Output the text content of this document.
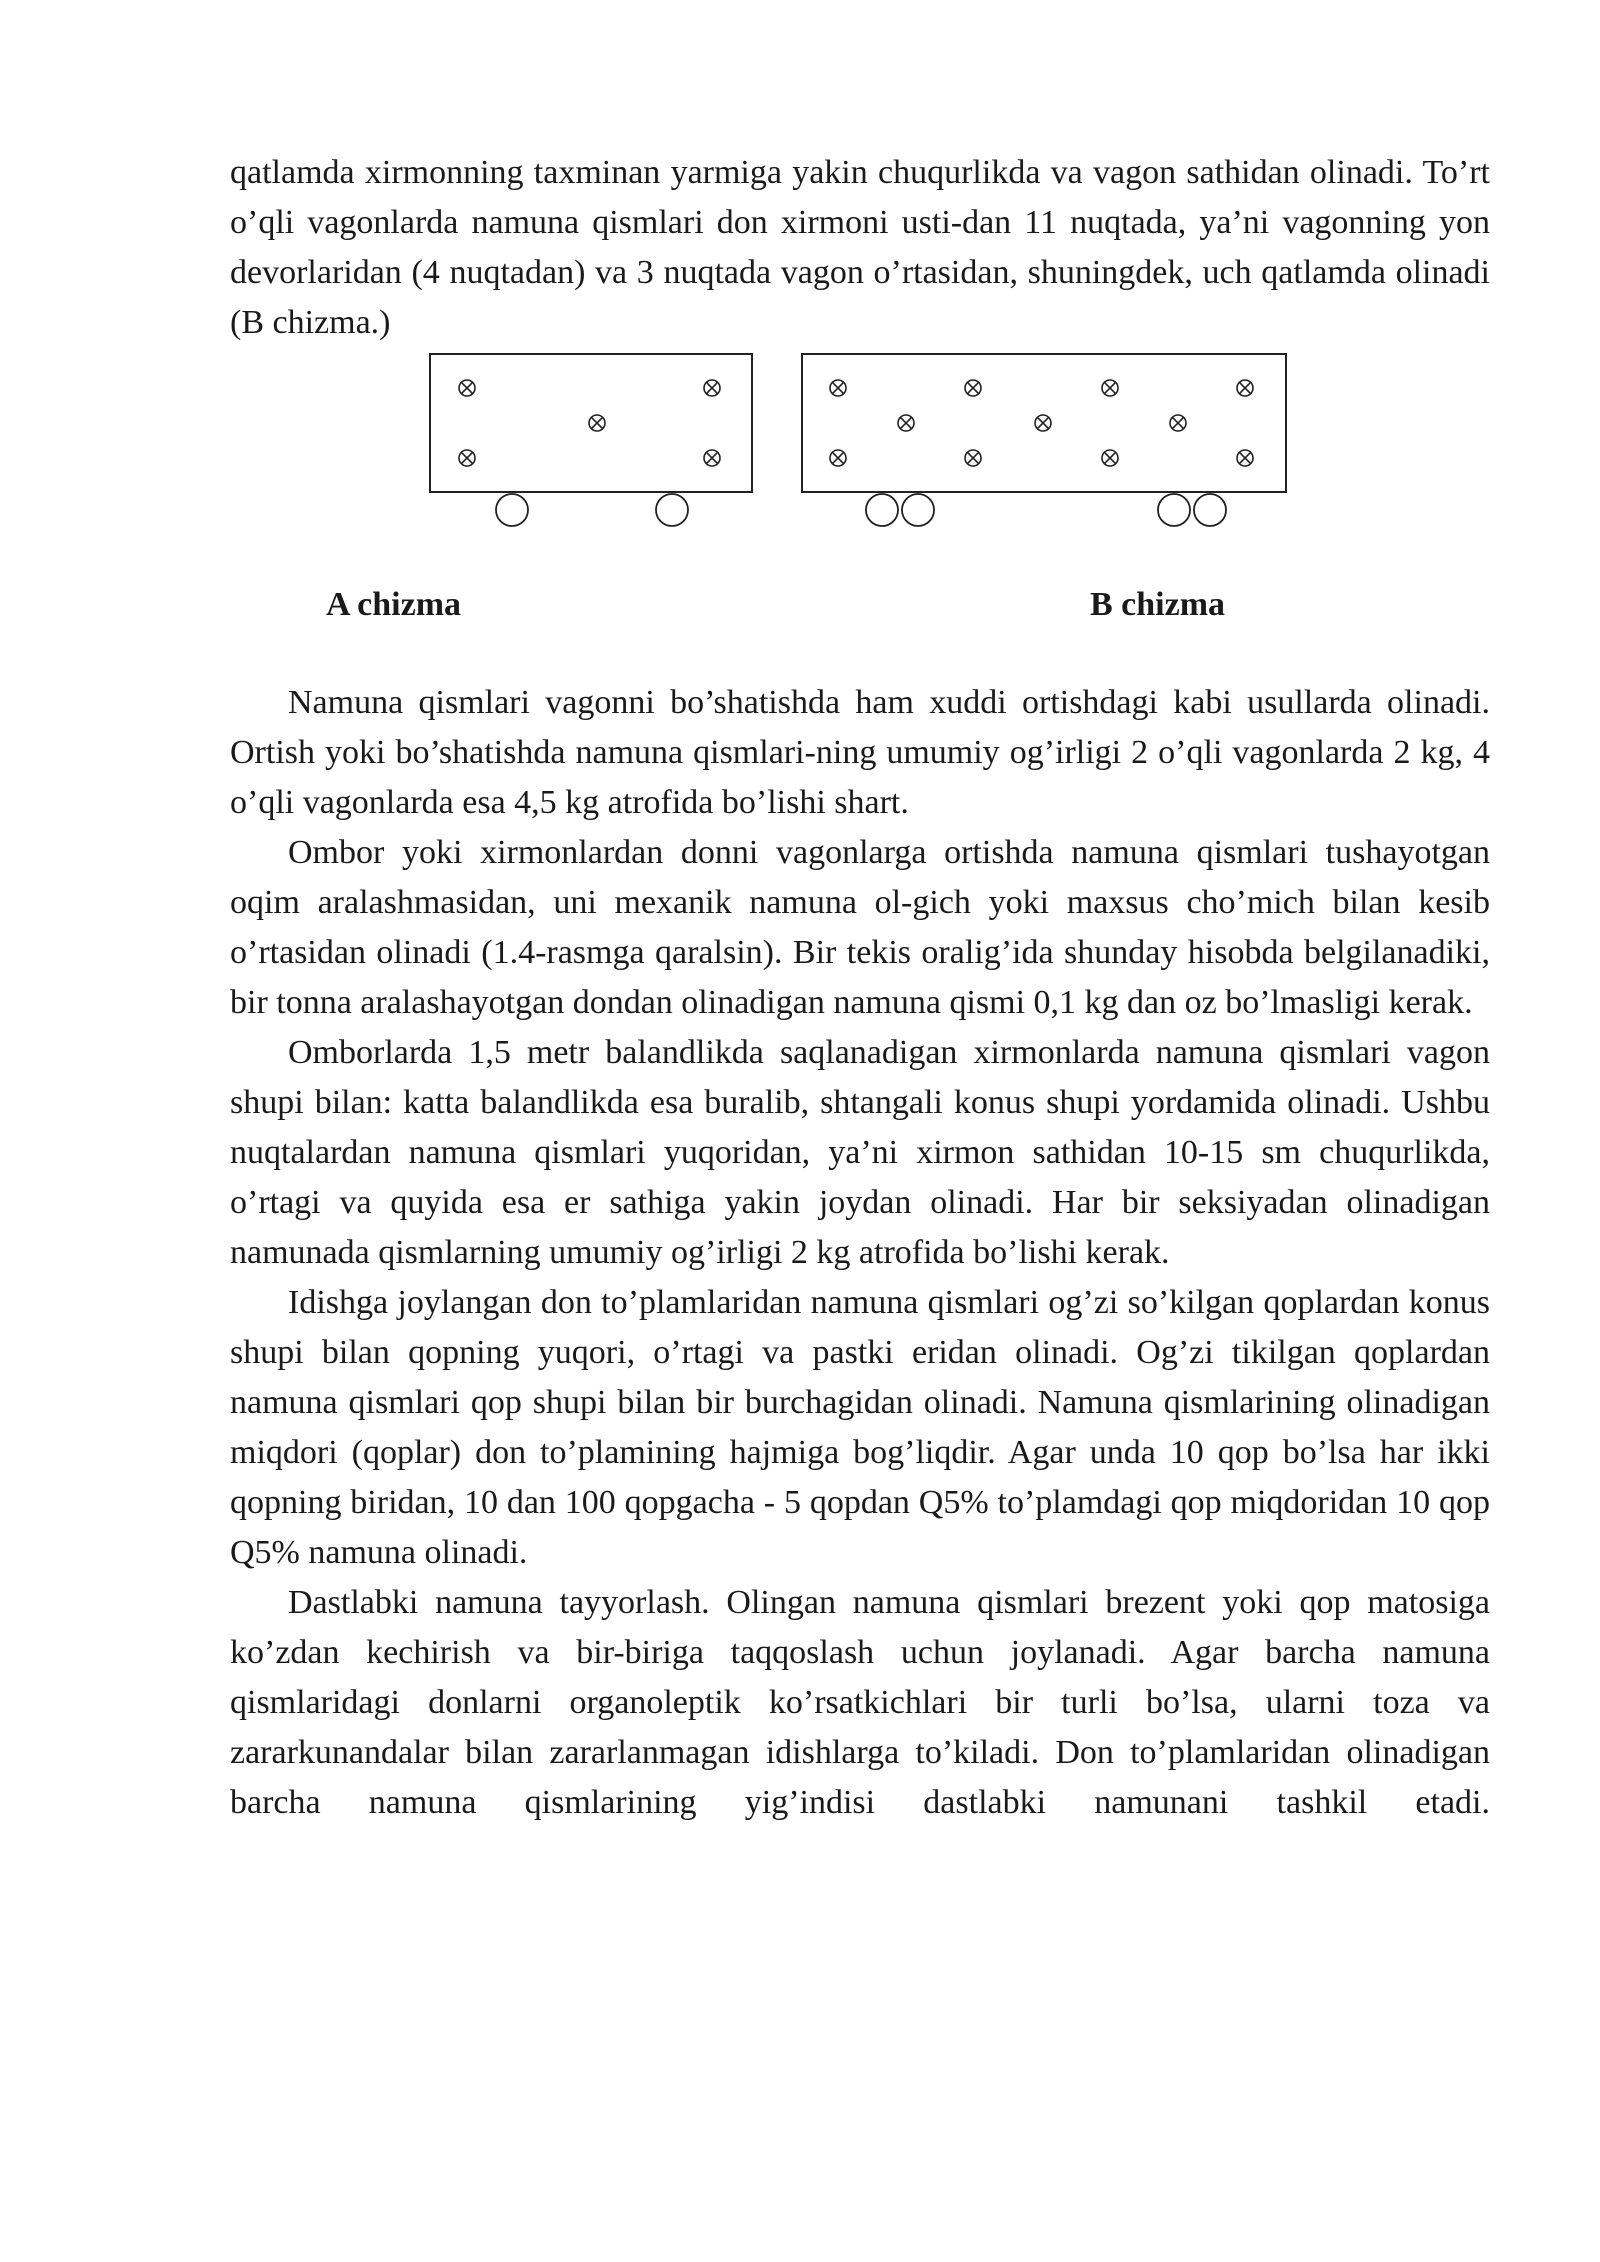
qatlamda xirmonning taxminan yarmiga yakin chuqurlikda va vagon sathidan olinadi. To’rt o’qli vagonlarda namuna qismlari don xirmoni usti-dan 11 nuqtada, ya’ni vagonning yon devorlaridan (4 nuqtadan) va 3 nuqtada vagon o’rtasidan, shuningdek, uch qatlamda olinadi (B chizma.)

A chizma	B chizma

Namuna qismlari vagonni bo’shatishda ham xuddi ortishdagi kabi usullarda olinadi. Ortish yoki bo’shatishda namuna qismlari-ning umumiy og’irligi 2 o’qli vagonlarda 2 kg, 4 o’qli vagonlarda esa 4,5 kg atrofida bo’lishi shart.

Ombor yoki xirmonlardan donni vagonlarga ortishda namuna qismlari tushayotgan oqim aralashmasidan, uni mexanik namuna ol-gich yoki maxsus cho’mich bilan kesib o’rtasidan olinadi (1.4-rasmga qaralsin). Bir tekis oralig’ida shunday hisobda belgilanadiki, bir tonna aralashayotgan dondan olinadigan namuna qismi 0,1 kg dan oz bo’lmasligi kerak.

Omborlarda 1,5 metr balandlikda saqlanadigan xirmonlarda namuna qismlari vagon shupi bilan: katta balandlikda esa buralib, shtangali konus shupi yordamida olinadi. Ushbu nuqtalardan namuna qismlari yuqoridan, ya’ni xirmon sathidan 10-15 sm chuqurlikda, o’rtagi va quyida esa er sathiga yakin joydan olinadi. Har bir seksiyadan olinadigan namunada qismlarning umumiy og’irligi 2 kg atrofida bo’lishi kerak.

Idishga joylangan don to’plamlaridan namuna qismlari og’zi so’kilgan qoplardan konus shupi bilan qopning yuqori, o’rtagi va pastki eridan olinadi. Og’zi tikilgan qoplardan namuna qismlari qop shupi bilan bir burchagidan olinadi. Namuna qismlarining olinadigan miqdori (qoplar) don to’plamining hajmiga bog’liqdir. Agar unda 10 qop bo’lsa har ikki qopning biridan, 10 dan 100 qopgacha - 5 qopdan Q5% to’plamdagi qop miqdoridan 10 qop Q5% namuna olinadi.

Dastlabki namuna tayyorlash. Olingan namuna qismlari brezent yoki qop matosiga ko’zdan kechirish va bir-biriga taqqoslash uchun joylanadi. Agar barcha namuna qismlaridagi donlarni organoleptik ko’rsatkichlari bir turli bo’lsa, ularni toza va zararkunandalar bilan zararlanmagan idishlarga to’kiladi. Don to’plamlaridan olinadigan barcha namuna qismlarining yig’indisi dastlabki namunani tashkil etadi.
